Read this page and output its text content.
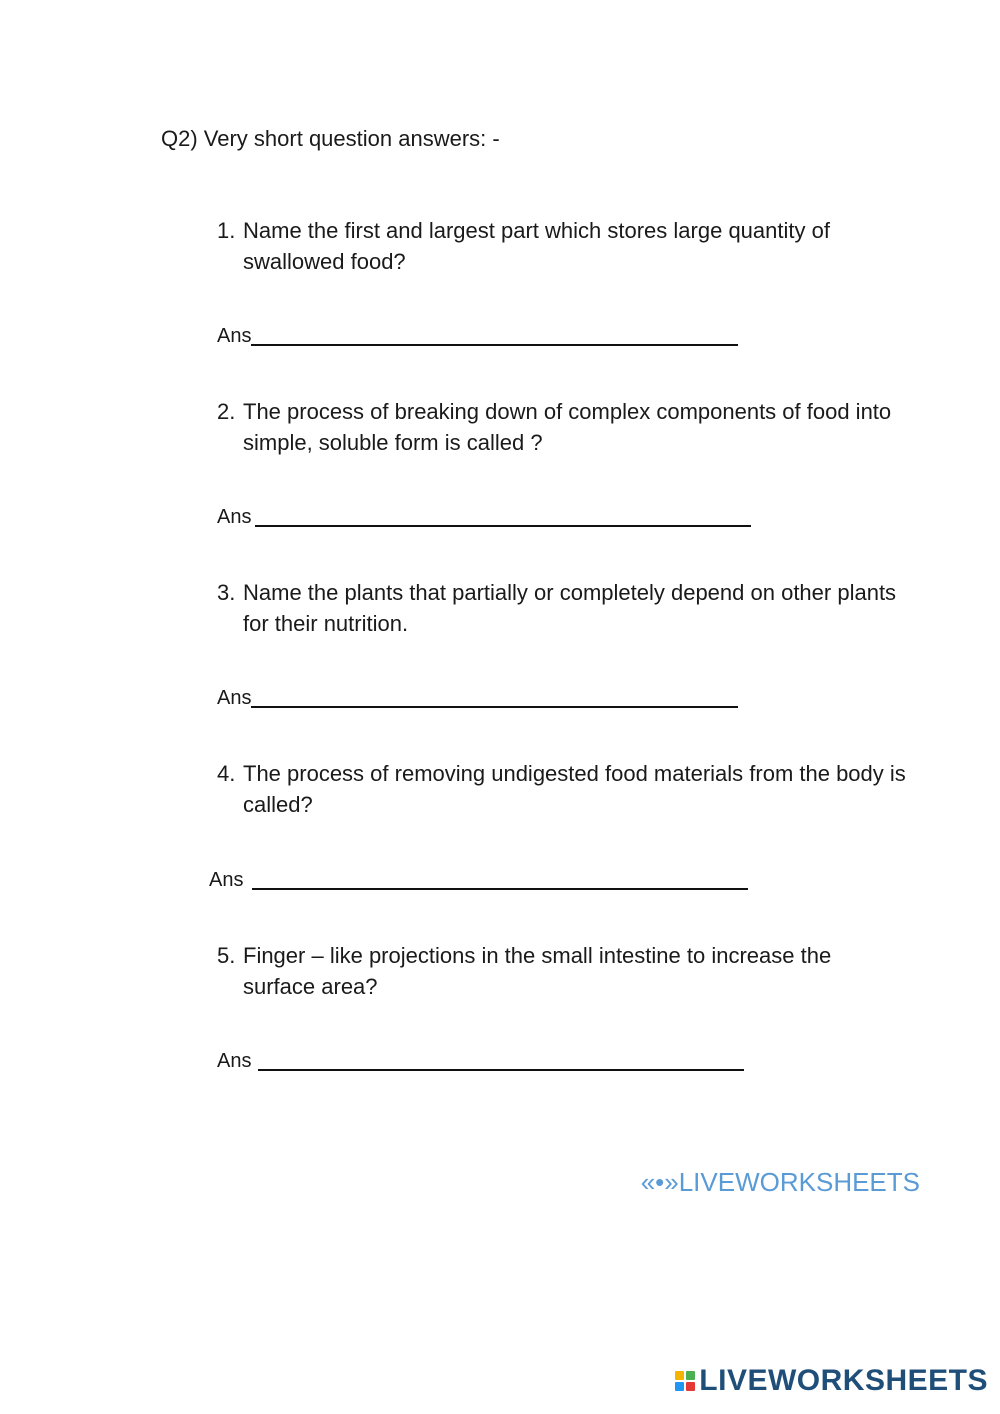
Q2) Very short question answers: -
1. Name the first and largest part which stores large quantity of swallowed food?
Ans
2. The process of breaking down of complex components of food into simple, soluble form is called ?
Ans
3. Name the plants that partially or completely depend on other plants for their nutrition.
Ans
4. The process of removing undigested food materials from the body is called?
Ans
5. Finger – like projections in the small intestine to increase the surface area?
Ans
«•»LIVEWORKSHEETS
LIVEWORKSHEETS
